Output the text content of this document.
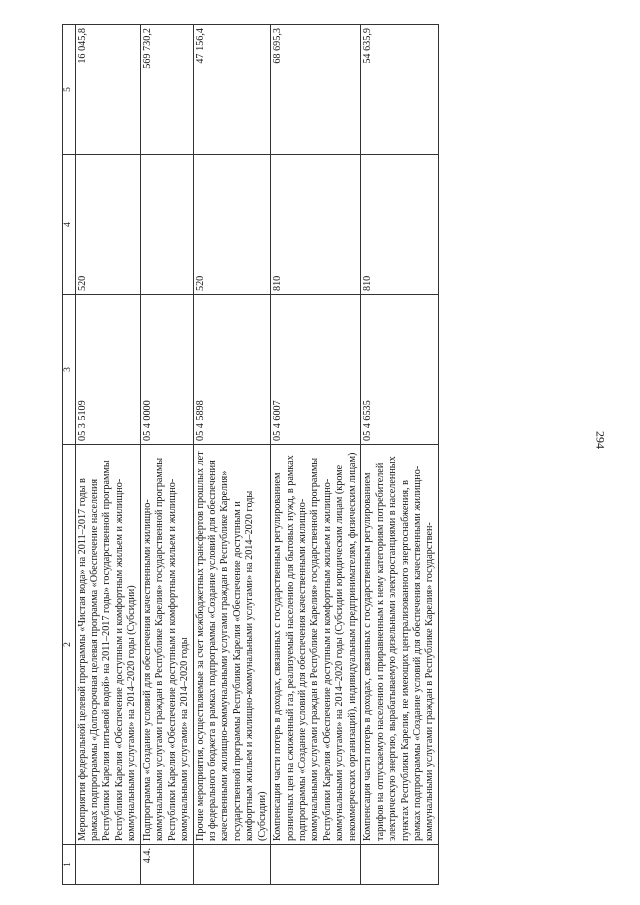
294
1	2	3	4	5
	Мероприятия федеральной целевой программы «Чистая вода» на 2011–2017 годы в рамках подпрограммы «Долгосрочная целевая программа «Обеспечение населения Республики Карелия питьевой водой» на 2011–2017 годы» государственной программы Республики Карелия «Обеспечение доступным и комфортным жильем и жилищно-коммунальными услугами» на 2014–2020 годы (Субсидии)	05 3 5109	520	16 045,8
4.4.	Подпрограмма «Создание условий для обеспечения качественными жилищно-коммунальными услугами граждан в Республике Карелия» государственной программы Республики Карелия «Обеспечение доступным и комфортным жильем и жилищно-коммунальными услугами» на 2014–2020 годы	05 4 0000		569 730,2
	Прочие мероприятия, осуществляемые за счет межбюджетных трансфертов прошлых лет из федерального бюджета в рамках подпрограммы «Создание условий для обеспечения качественными жилищно-коммунальными услугами граждан в Республике Карелия» государственной программы Республики Карелия «Обеспечение доступным и комфортным жильем и жилищно-коммунальными услугами» на 2014–2020 годы (Субсидии)	05 4 5898	520	47 156,4
	Компенсация части потерь в доходах, связанных с государственным регулированием розничных цен на сжиженный газ, реализуемый населению для бытовых нужд, в рамках подпрограммы «Создание условий для обеспечения качественными жилищно-коммунальными услугами граждан в Республике Карелия» государственной программы Республики Карелия «Обеспечение доступным и комфортным жильем и жилищно-коммунальными услугами» на 2014–2020 годы (Субсидии юридическим лицам (кроме некоммерческих организаций), индивидуальным предпринимателям, физическим лицам)	05 4 6007	810	68 695,3
	Компенсация части потерь в доходах, связанных с государственным регулированием тарифов на отпускаемую населению и приравненным к нему категориям потребителей электрическую энергию, вырабатываемую дизельными электростанциями в населенных пунктах Республики Карелия, не имеющих централизованного энергоснабжения, в рамках подпрограммы «Создание условий для обеспечения качественными жилищно-коммунальными услугами граждан в Республике Карелия» государствен-	05 4 6535	810	54 635,9
